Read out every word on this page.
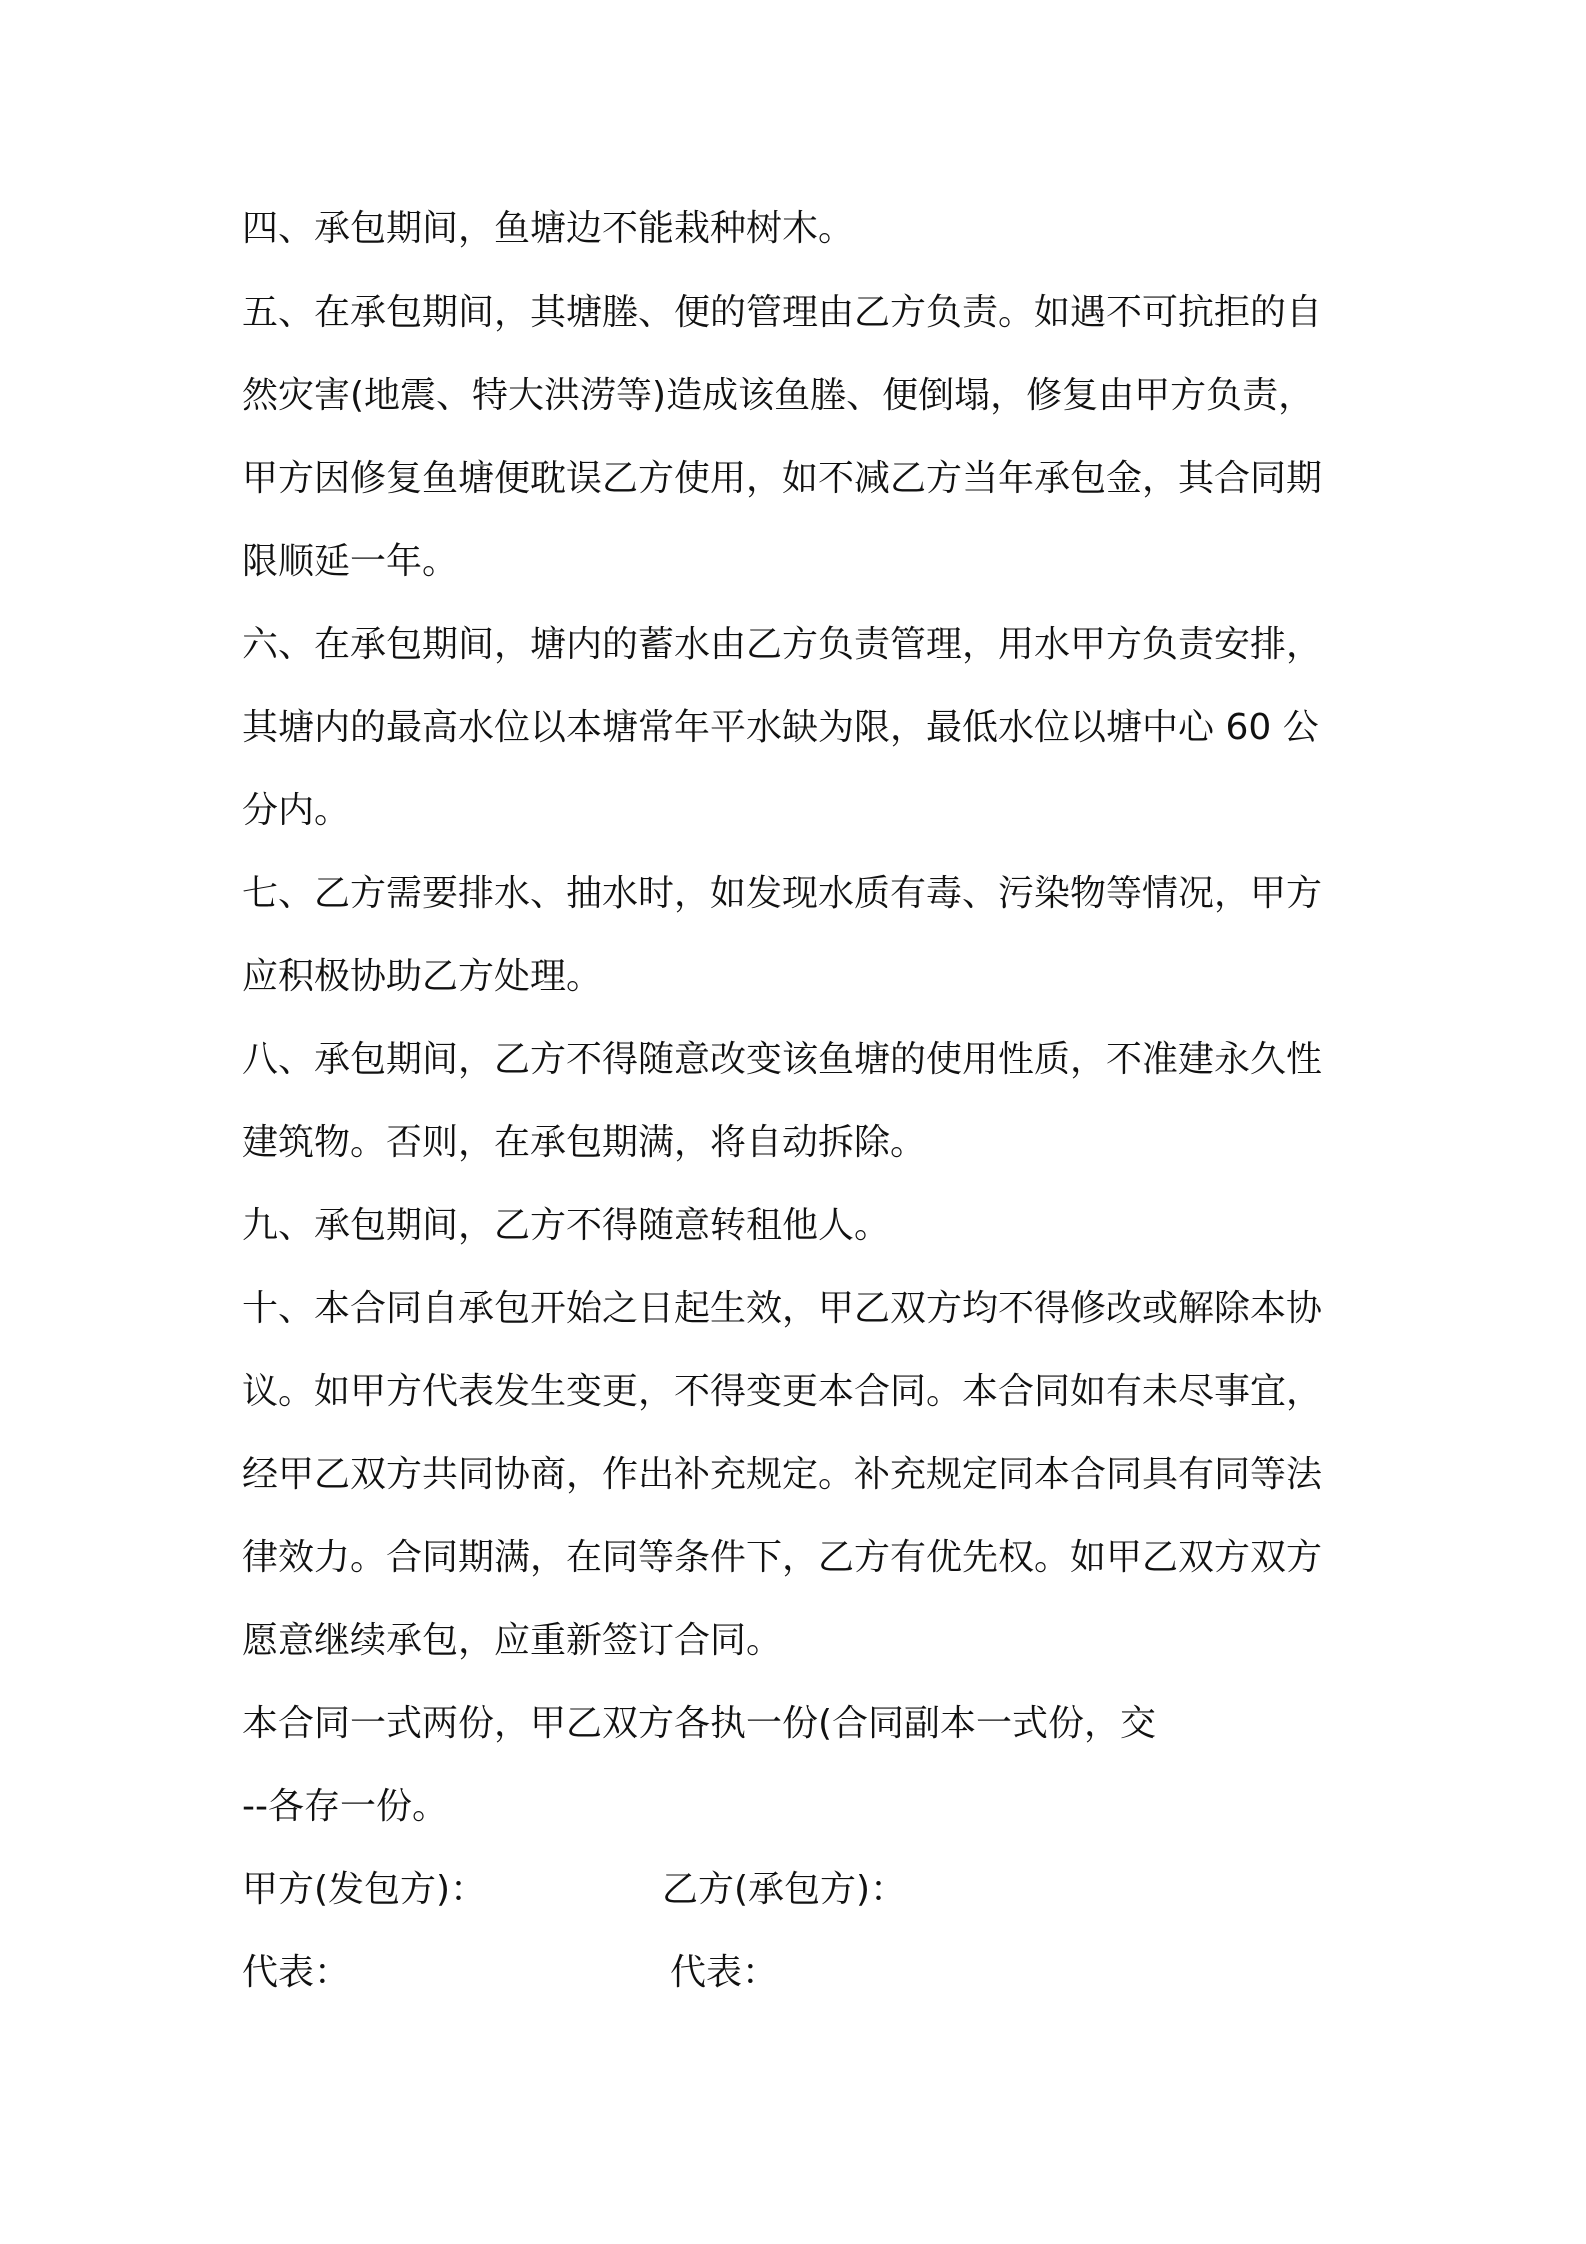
四、承包期间，鱼塘边不能栽种树木。
五、在承包期间，其塘塍、便的管理由乙方负责。如遇不可抗拒的自
然灾害(地震、特大洪涝等)造成该鱼塍、便倒塌，修复由甲方负责，
甲方因修复鱼塘便耽误乙方使用，如不减乙方当年承包金，其合同期
限顺延一年。
六、在承包期间，塘内的蓄水由乙方负责管理，用水甲方负责安排，
其塘内的最高水位以本塘常年平水缺为限，最低水位以塘中心 60 公
分内。
七、乙方需要排水、抽水时，如发现水质有毒、污染物等情况，甲方
应积极协助乙方处理。
八、承包期间，乙方不得随意改变该鱼塘的使用性质，不准建永久性
建筑物。否则，在承包期满，将自动拆除。
九、承包期间，乙方不得随意转租他人。
十、本合同自承包开始之日起生效，甲乙双方均不得修改或解除本协
议。如甲方代表发生变更，不得变更本合同。本合同如有未尽事宜，
经甲乙双方共同协商，作出补充规定。补充规定同本合同具有同等法
律效力。合同期满，在同等条件下，乙方有优先权。如甲乙双方双方
愿意继续承包，应重新签订合同。
本合同一式两份，甲乙双方各执一份(合同副本一式份，交
--各存一份。
甲方(发包方)：	乙方(承包方)：
代表：	代表：
